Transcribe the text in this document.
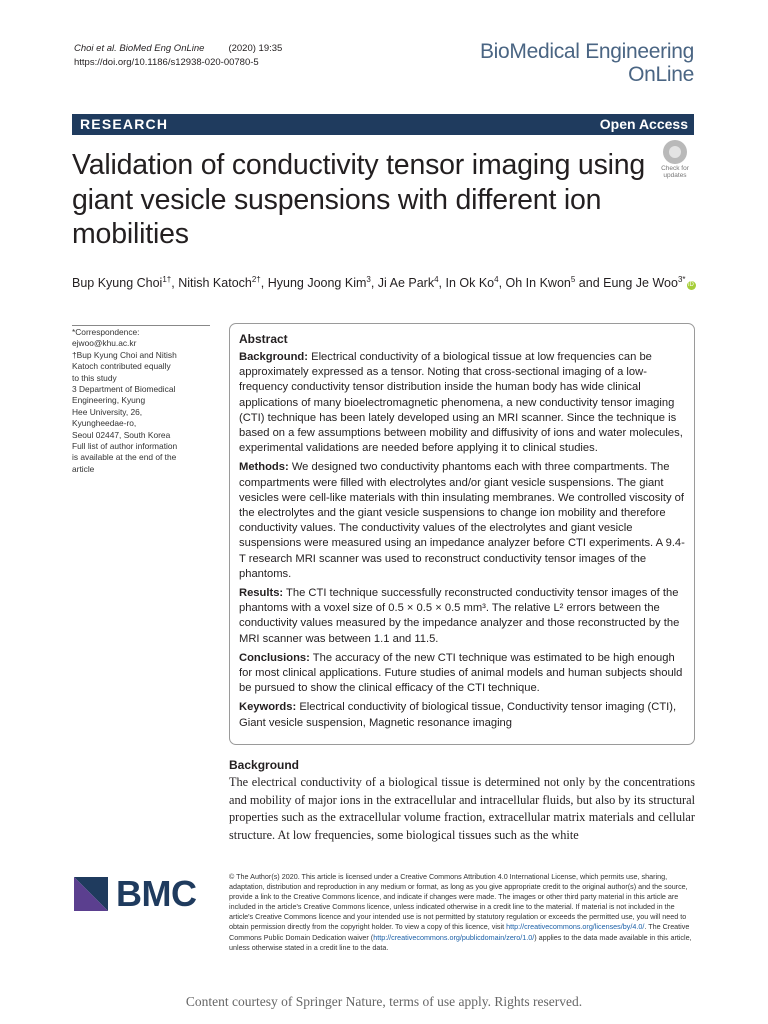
Choi et al. BioMed Eng OnLine	(2020) 19:35
https://doi.org/10.1186/s12938-020-00780-5	BioMedical Engineering
OnLine
RESEARCH	Open Access
Validation of conductivity tensor imaging using giant vesicle suspensions with different ion mobilities
Check for
updates
Bup Kyung Choi$^{1\dagger}$, Nitish Katoch$^{2\dagger}$, Hyung Joong Kim$^3$, Ji Ae Park$^4$, In Ok Ko$^4$, Oh In Kwon$^5$ and Eung Je Woo$^{3*}$iD
*Correspondence:
ejwoo@khu.ac.kr
†Bup Kyung Choi and Nitish
Katoch contributed equally
to this study
3 Department of Biomedical
Engineering, Kyung
Hee University, 26,
Kyungheedae-ro,
Seoul 02447, South Korea
Full list of author information
is available at the end of the
article
Abstract

Background: Electrical conductivity of a biological tissue at low frequencies can be approximately expressed as a tensor. Noting that cross-sectional imaging of a low-frequency conductivity tensor distribution inside the human body has wide clinical applications of many bioelectromagnetic phenomena, a new conductivity tensor imaging (CTI) technique has been lately developed using an MRI scanner. Since the technique is based on a few assumptions between mobility and diffusivity of ions and water molecules, experimental validations are needed before applying it to clinical studies.

Methods: We designed two conductivity phantoms each with three compartments. The compartments were filled with electrolytes and/or giant vesicle suspensions. The giant vesicles were cell-like materials with thin insulating membranes. We controlled viscosity of the electrolytes and the giant vesicle suspensions to change ion mobility and therefore conductivity values. The conductivity values of the electrolytes and giant vesicle suspensions were measured using an impedance analyzer before CTI experiments. A 9.4-T research MRI scanner was used to reconstruct conductivity tensor images of the phantoms.

Results: The CTI technique successfully reconstructed conductivity tensor images of the phantoms with a voxel size of 0.5 × 0.5 × 0.5 mm³. The relative L² errors between the conductivity values measured by the impedance analyzer and those reconstructed by the MRI scanner was between 1.1 and 11.5.

Conclusions: The accuracy of the new CTI technique was estimated to be high enough for most clinical applications. Future studies of animal models and human subjects should be pursued to show the clinical efficacy of the CTI technique.

Keywords: Electrical conductivity of biological tissue, Conductivity tensor imaging (CTI), Giant vesicle suspension, Magnetic resonance imaging

Background
The electrical conductivity of a biological tissue is determined not only by the concentrations and mobility of major ions in the extracellular and intracellular fluids, but also by its structural properties such as the extracellular volume fraction, extracellular matrix materials and cellular structure. At low frequencies, some biological tissues such as the white
BMC	© The Author(s) 2020. This article is licensed under a Creative Commons Attribution 4.0 International License, which permits use, sharing, adaptation, distribution and reproduction in any medium or format, as long as you give appropriate credit to the original author(s) and the source, provide a link to the Creative Commons licence, and indicate if changes were made. The images or other third party material in this article are included in the article's Creative Commons licence, unless indicated otherwise in a credit line to the material. If material is not included in the article's Creative Commons licence and your intended use is not permitted by statutory regulation or exceeds the permitted use, you will need to obtain permission directly from the copyright holder. To view a copy of this licence, visit http://creativecommons.org/licenses/by/4.0/. The Creative Commons Public Domain Dedication waiver (http://creativecommons.org/publicdomain/zero/1.0/) applies to the data made available in this article, unless otherwise stated in a credit line to the data.
Content courtesy of Springer Nature, terms of use apply. Rights reserved.
